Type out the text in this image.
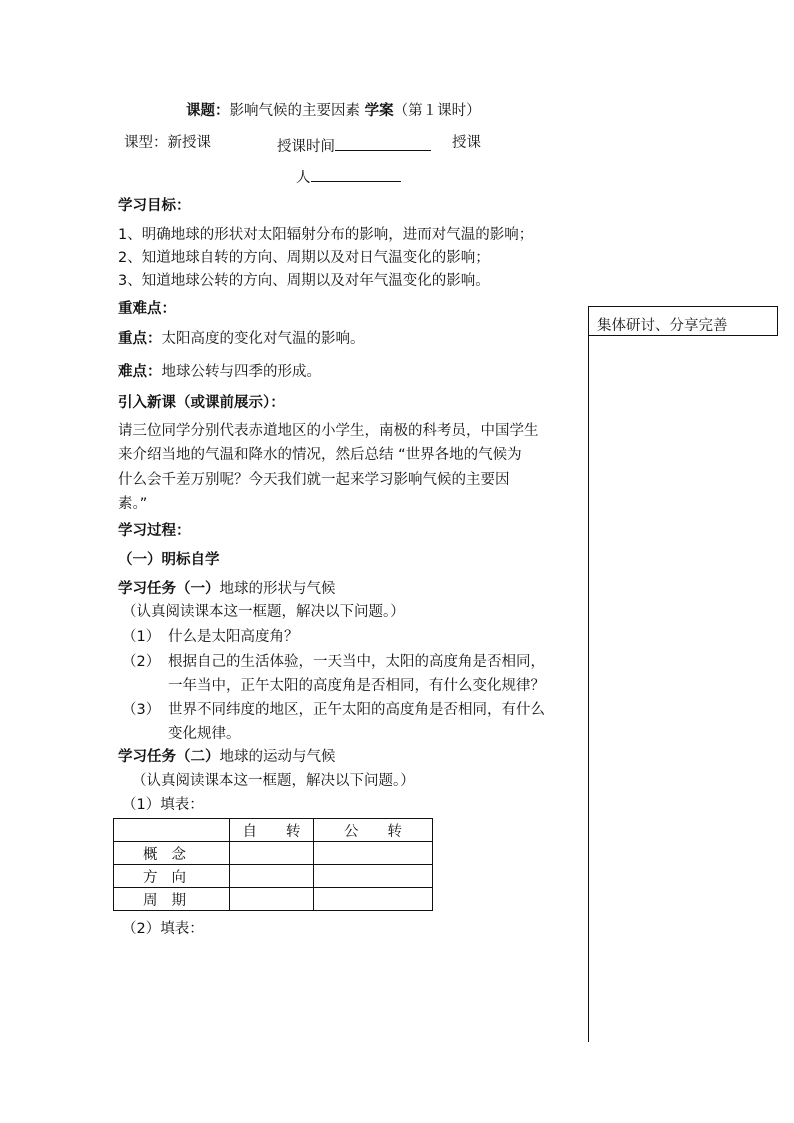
课题：影响气候的主要因素 学案（第１课时）
课型：新授课	授课时间	授课
人
学习目标：
1、明确地球的形状对太阳辐射分布的影响，进而对气温的影响；
2、知道地球自转的方向、周期以及对日气温变化的影响；
3、知道地球公转的方向、周期以及对年气温变化的影响。
重难点：
重点：太阳高度的变化对气温的影响。
难点：地球公转与四季的形成。
集体研讨、分享完善
引入新课（或课前展示）：
请三位同学分别代表赤道地区的小学生，南极的科考员，中国学生
来介绍当地的气温和降水的情况，然后总结 “世界各地的气候为
什么会千差万别呢？今天我们就一起来学习影响气候的主要因
素。”
学习过程：
（一）明标自学
学习任务（一）地球的形状与气候
（认真阅读课本这一框题，解决以下问题。）
（1） 什么是太阳高度角？
（2） 根据自己的生活体验，一天当中，太阳的高度角是否相同，
一年当中，正午太阳的高度角是否相同，有什么变化规律？
（3） 世界不同纬度的地区，正午太阳的高度角是否相同，有什么
变化规律。
学习任务（二）地球的运动与气候
（认真阅读课本这一框题，解决以下问题。）
（1）填表：
	自　　转	公　　转
概念		
方向		
周期		
（2）填表：
